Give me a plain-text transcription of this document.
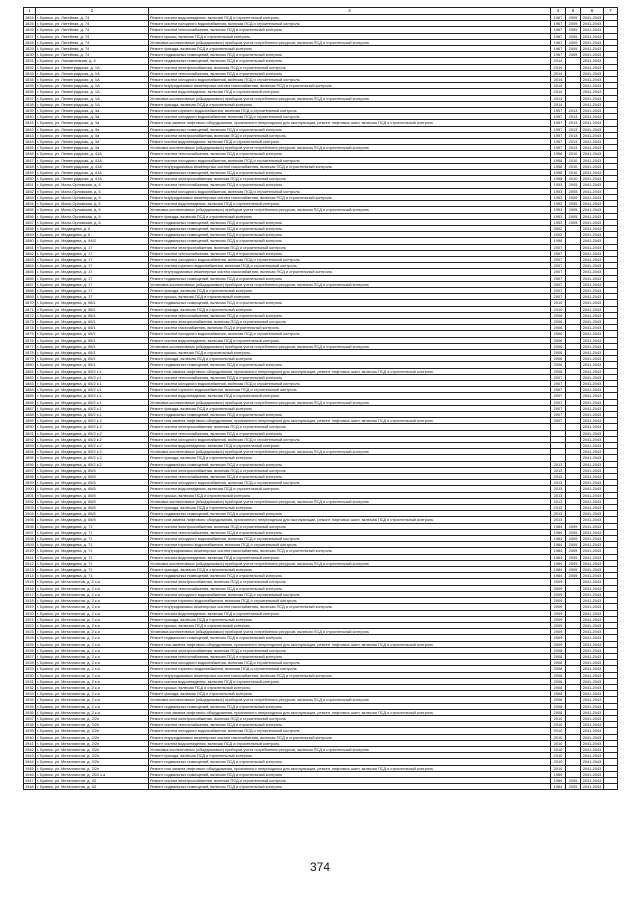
1	2	3	4	5	6	7
1824	г. Брянск, ул. Литейная, д. 74	Ремонт систем водоотведения, включая ПСД и строительный контроль	1967	2009	2041-2043	
1825	г. Брянск, ул. Литейная, д. 74	Ремонт систем холодного водоснабжения, включая ПСД и строительный контроль	1967	2009	2041-2043	
1826	г. Брянск, ул. Литейная, д. 74	Ремонт систем теплоснабжения, включая ПСД и строительный контроль	1967	2009	2041-2043	
1827	г. Брянск, ул. Литейная, д. 74	Ремонт крыши, включая ПСД и строительный контроль	1967	2009	2041-2043	
1828	г. Брянск, ул. Литейная, д. 74	Установка коллективных (общедомовых) приборов учета потребления ресурсов, включая ПСД и строительный контроль	1967	2009	2041-2043	
1829	г. Брянск, ул. Литейная, д. 74	Ремонт фасада, включая ПСД и строительный контроль	1967	2009	2041-2043	
1830	г. Брянск, ул. Литейная, д. 74	Ремонт подвальных помещений, включая ПСД и строительный контроль	1967	2009	2041-2043	
1831	г. Брянск, ул. Локомотивная, д. 5	Ремонт подвальных помещений, включая ПСД и строительный контроль	2014		2041-2043	
1832	г. Брянск, ул. Ленинградская, д. 1А	Ремонт систем электроснабжения, включая ПСД и строительный контроль	2014		2041-2043	
1833	г. Брянск, ул. Ленинградская, д. 1А	Ремонт систем теплоснабжения, включая ПСД и строительный контроль	2014		2041-2043	
1834	г. Брянск, ул. Ленинградская, д. 1А	Ремонт систем холодного водоснабжения, включая ПСД и строительный контроль	2014		2041-2043	
1835	г. Брянск, ул. Ленинградская, д. 1А	Ремонт внутридомовых инженерных систем газоснабжения, включая ПСД и строительный контроль	2014		2041-2043	
1836	г. Брянск, ул. Ленинградская, д. 1А	Ремонт систем водоотведения, включая ПСД и строительный контроль	2014		2041-2043	
1837	г. Брянск, ул. Ленинградская, д. 1А	Установка коллективных (общедомовых) приборов учета потребления ресурсов, включая ПСД и строительный контроль	2014		2041-2043	
1838	г. Брянск, ул. Ленинградская, д. 1А	Ремонт фасада, включая ПСД и строительный контроль	2014		2041-2043	
1839	г. Брянск, ул. Ленинградская, д. 3а	Ремонт систем горячего водоснабжения, включая ПСД и строительный контроль	1957	2013	2041-2043	
1840	г. Брянск, ул. Ленинградская, д. 3а	Ремонт систем холодного водоснабжения, включая ПСД и строительный контроль	1957	2013	2041-2043	
1841	г. Брянск, ул. Ленинградская, д. 3а	Ремонт или замена лифтового оборудования, признанного непригодным для эксплуатации, ремонт лифтовых шахт, включая ПСД и строительный контроль	1957	2013	2041-2043	
1842	г. Брянск, ул. Ленинградская, д. 3а	Ремонт подвальных помещений, включая ПСД и строительный контроль	1957	2013	2041-2043	
1843	г. Брянск, ул. Ленинградская, д. 3а	Ремонт систем электроснабжения, включая ПСД и строительный контроль	1957	2013	2041-2043	
1844	г. Брянск, ул. Ленинградская, д. 3а	Ремонт систем водоотведения, включая ПСД и строительный контроль	1957	2013	2041-2043	
1845	г. Брянск, ул. Ленинградская, д. 3а	Установка коллективных (общедомовых) приборов учета потребления ресурсов, включая ПСД и строительный контроль	1957	2013	2041-2043	
1846	г. Брянск, ул. Ленинградская, д. 41А	Ремонт систем теплоснабжения, включая ПСД и строительный контроль	1958	2010	2041-2043	
1847	г. Брянск, ул. Ленинградская, д. 41А	Ремонт систем холодного водоснабжения, включая ПСД и строительный контроль	1958	2010	2041-2043	
1848	г. Брянск, ул. Ленинградская, д. 41А	Ремонт внутридомовых инженерных систем газоснабжения, включая ПСД и строительный контроль	1958	2010	2041-2043	
1849	г. Брянск, ул. Ленинградская, д. 41А	Ремонт подвальных помещений, включая ПСД и строительный контроль	1958	2010	2041-2043	
1850	г. Брянск, ул. Ленинградская, д. 41А	Ремонт систем электроснабжения, включая ПСД и строительный контроль	1958	2010	2041-2043	
1851	г. Брянск, ул. Мало-Орловская, д. 6	Ремонт систем теплоснабжения, включая ПСД и строительный контроль	1953	2005	2041-2043	
1852	г. Брянск, ул. Мало-Орловская, д. 6	Ремонт систем холодного водоснабжения, включая ПСД и строительный контроль	1953	2005	2041-2043	
1853	г. Брянск, ул. Мало-Орловская, д. 6	Ремонт внутридомовых инженерных систем газоснабжения, включая ПСД и строительный контроль	1953	2005	2041-2043	
1854	г. Брянск, ул. Мало-Орловская, д. 6	Ремонт систем водоотведения, включая ПСД и строительный контроль	1953	2005	2041-2043	
1855	г. Брянск, ул. Мало-Орловская, д. 6	Установка коллективных (общедомовых) приборов учета потребления ресурсов, включая ПСД и строительный контроль	1953	2005	2041-2043	
1856	г. Брянск, ул. Мало-Орловская, д. 6	Ремонт фасада, включая ПСД и строительный контроль	1953	2005	2041-2043	
1857	г. Брянск, ул. Мало-Орловская, д. 6	Ремонт подвальных помещений, включая ПСД и строительный контроль	1953	2005	2041-2043	
1858	г. Брянск, ул. Медведева, д. 6	Ремонт подвальных помещений, включая ПСД и строительный контроль	2002		2041-2043	
1859	г. Брянск, ул. Медведева, д. 6	Ремонт подвальных помещений, включая ПСД и строительный контроль	2002		2041-2043	
1860	г. Брянск, ул. Медведева, д. 9А/2	Ремонт подвальных помещений, включая ПСД и строительный контроль	1998		2041-2043	
1861	г. Брянск, ул. Медведева, д. 17	Ремонт систем электроснабжения, включая ПСД и строительный контроль	2007		2041-2043	
1862	г. Брянск, ул. Медведева, д. 17	Ремонт систем теплоснабжения, включая ПСД и строительный контроль	2007		2041-2043	
1863	г. Брянск, ул. Медведева, д. 17	Ремонт систем холодного водоснабжения, включая ПСД и строительный контроль	2007		2041-2043	
1864	г. Брянск, ул. Медведева, д. 17	Ремонт систем горячего водоснабжения, включая ПСД и строительный контроль	2007		2041-2043	
1865	г. Брянск, ул. Медведева, д. 17	Ремонт внутридомовых инженерных систем газоснабжения, включая ПСД и строительный контроль	2007		2041-2043	
1866	г. Брянск, ул. Медведева, д. 17	Ремонт подвальных помещений, включая ПСД и строительный контроль	2007		2041-2043	
1867	г. Брянск, ул. Медведева, д. 17	Установка коллективных (общедомовых) приборов учета потребления ресурсов, включая ПСД и строительный контроль	2007		2041-2043	
1868	г. Брянск, ул. Медведева, д. 17	Ремонт фасада, включая ПСД и строительный контроль	2007		2041-2043	
1869	г. Брянск, ул. Медведева, д. 17	Ремонт крыши, включая ПСД и строительный контроль	2007		2041-2043	
1870	г. Брянск, ул. Медведева, д. 56/1	Ремонт подвальных помещений, включая ПСД и строительный контроль	2010		2041-2043	
1871	г. Брянск, ул. Медведева, д. 56/1	Ремонт фасада, включая ПСД и строительный контроль	2010		2041-2043	
1872	г. Брянск, ул. Медведева, д. 65/1	Ремонт систем теплоснабжения, включая ПСД и строительный контроль	2006		2041-2043	
1873	г. Брянск, ул. Медведева, д. 65/1	Ремонт систем электроснабжения, включая ПСД и строительный контроль	2006		2041-2043	
1874	г. Брянск, ул. Медведева, д. 65/1	Ремонт систем газоснабжения, включая ПСД и строительный контроль	2006		2041-2043	
1875	г. Брянск, ул. Медведева, д. 65/1	Ремонт систем холодного водоснабжения, включая ПСД и строительный контроль	2006		2041-2043	
1876	г. Брянск, ул. Медведева, д. 65/1	Ремонт систем водоотведения, включая ПСД и строительный контроль	2006		2041-2043	
1877	г. Брянск, ул. Медведева, д. 65/1	Установка коллективных (общедомовых) приборов учета потребления ресурсов, включая ПСД и строительный контроль	2006		2041-2043	
1878	г. Брянск, ул. Медведева, д. 65/1	Ремонт крыши, включая ПСД и строительный контроль	2006		2041-2043	
1879	г. Брянск, ул. Медведева, д. 65/1	Ремонт фасада, включая ПСД и строительный контроль	2006		2041-2043	
1880	г. Брянск, ул. Медведева, д. 65/1	Ремонт подвальных помещений, включая ПСД и строительный контроль	2006		2041-2043	
1881	г. Брянск, ул. Медведева, д. 65/2 к.1	Ремонт или замена лифтового оборудования, признанного непригодным для эксплуатации, ремонт лифтовых шахт, включая ПСД и строительный контроль	2008		2041-2043	
1882	г. Брянск, ул. Медведева, д. 65/2 к.1	Ремонт систем теплоснабжения, включая ПСД и строительный контроль	2007		2041-2043	
1883	г. Брянск, ул. Медведева, д. 65/2 к.1	Ремонт систем холодного водоснабжения, включая ПСД и строительный контроль	2007		2041-2043	
1884	г. Брянск, ул. Медведева, д. 65/2 к.1	Ремонт систем горячего водоснабжения, включая ПСД и строительный контроль	2007		2041-2043	
1885	г. Брянск, ул. Медведева, д. 65/2 к.1	Ремонт систем водоотведения, включая ПСД и строительный контроль	2007		2041-2043	
1886	г. Брянск, ул. Медведева, д. 65/2 к.1	Установка коллективных (общедомовых) приборов учета потребления ресурсов, включая ПСД и строительный контроль	2007		2041-2043	
1887	г. Брянск, ул. Медведева, д. 65/2 к.1	Ремонт фасада, включая ПСД и строительный контроль	2007		2041-2043	
1888	г. Брянск, ул. Медведева, д. 65/2 к.1	Ремонт подвальных помещений, включая ПСД и строительный контроль	2007		2041-2043	
1889	г. Брянск, ул. Медведева, д. 65/2 к.2	Ремонт или замена лифтового оборудования, признанного непригодным для эксплуатации, ремонт лифтовых шахт, включая ПСД и строительный контроль	2007		2041-2043	
1890	г. Брянск, ул. Медведева, д. 65/2 к.2	Ремонт систем электроснабжения, включая ПСД и строительный контроль			2041-2043	
1891	г. Брянск, ул. Медведева, д. 65/2 к.2	Ремонт систем теплоснабжения, включая ПСД и строительный контроль			2041-2043	
1892	г. Брянск, ул. Медведева, д. 65/2 к.2	Ремонт систем холодного водоснабжения, включая ПСД и строительный контроль			2041-2043	
1893	г. Брянск, ул. Медведева, д. 65/2 к.2	Ремонт систем водоотведения, включая ПСД и строительный контроль			2041-2043	
1894	г. Брянск, ул. Медведева, д. 65/2 к.2	Установка коллективных (общедомовых) приборов учета потребления ресурсов, включая ПСД и строительный контроль			2041-2043	
1895	г. Брянск, ул. Медведева, д. 65/2 к.2	Ремонт фасада, включая ПСД и строительный контроль			2041-2043	
1896	г. Брянск, ул. Медведева, д. 65/2 к.2	Ремонт подвальных помещений, включая ПСД и строительный контроль	2013		2041-2043	
1897	г. Брянск, ул. Медведева, д. 65/5	Ремонт систем электроснабжения, включая ПСД и строительный контроль	2013		2041-2043	
1898	г. Брянск, ул. Медведева, д. 65/5	Ремонт систем теплоснабжения, включая ПСД и строительный контроль	2013		2041-2043	
1899	г. Брянск, ул. Медведева, д. 65/5	Ремонт систем холодного водоснабжения, включая ПСД и строительный контроль	2013		2041-2043	
1900	г. Брянск, ул. Медведева, д. 65/5	Ремонт систем водоотведения, включая ПСД и строительный контроль	2013		2041-2043	
1901	г. Брянск, ул. Медведева, д. 65/5	Ремонт крыши, включая ПСД и строительный контроль	2013		2041-2043	
1902	г. Брянск, ул. Медведева, д. 65/5	Установка коллективных (общедомовых) приборов учета потребления ресурсов, включая ПСД и строительный контроль	2013		2041-2043	
1903	г. Брянск, ул. Медведева, д. 65/5	Ремонт фасада, включая ПСД и строительный контроль	2013		2041-2043	
1904	г. Брянск, ул. Медведева, д. 65/5	Ремонт подвальных помещений, включая ПСД и строительный контроль	2013		2041-2043	
1905	г. Брянск, ул. Медведева, д. 65/5	Ремонт или замена лифтового оборудования, признанного непригодным для эксплуатации, ремонт лифтовых шахт, включая ПСД и строительный контроль	2013		2041-2043	
1906	г. Брянск, ул. Медведева, д. 71	Ремонт систем электроснабжения, включая ПСД и строительный контроль	1984	2009	2041-2043	
1907	г. Брянск, ул. Медведева, д. 71	Ремонт систем теплоснабжения, включая ПСД и строительный контроль	1984	2009	2041-2043	
1908	г. Брянск, ул. Медведева, д. 71	Ремонт систем холодного водоснабжения, включая ПСД и строительный контроль	1984	2009	2041-2043	
1909	г. Брянск, ул. Медведева, д. 71	Ремонт систем горячего водоснабжения, включая ПСД и строительный контроль	1984	2009	2041-2043	
1910	г. Брянск, ул. Медведева, д. 71	Ремонт внутридомовых инженерных систем газоснабжения, включая ПСД и строительный контроль	1984	2009	2041-2043	
1911	г. Брянск, ул. Медведева, д. 71	Ремонт систем водоотведения, включая ПСД и строительный контроль	1984	2009	2041-2043	
1912	г. Брянск, ул. Медведева, д. 71	Установка коллективных (общедомовых) приборов учета потребления ресурсов, включая ПСД и строительный контроль	1984	2009	2041-2043	
1913	г. Брянск, ул. Медведева, д. 71	Ремонт фасада, включая ПСД и строительный контроль	1984	2009	2041-2043	
1914	г. Брянск, ул. Медведева, д. 71	Ремонт подвальных помещений, включая ПСД и строительный контроль	1984	2009	2041-2043	
1915	г. Брянск, ул. Металлистов, д. 2 к.а	Ремонт систем электроснабжения, включая ПСД и строительный контроль	2009		2041-2043	
1916	г. Брянск, ул. Металлистов, д. 2 к.а	Ремонт систем теплоснабжения, включая ПСД и строительный контроль	2009		2041-2043	
1917	г. Брянск, ул. Металлистов, д. 2 к.а	Ремонт систем холодного водоснабжения, включая ПСД и строительный контроль	2009		2041-2043	
1918	г. Брянск, ул. Металлистов, д. 2 к.а	Ремонт систем горячего водоснабжения, включая ПСД и строительный контроль	2009		2041-2043	
1919	г. Брянск, ул. Металлистов, д. 2 к.а	Ремонт внутридомовых инженерных систем газоснабжения, включая ПСД и строительный контроль	2009		2041-2043	
1920	г. Брянск, ул. Металлистов, д. 2 к.а	Ремонт систем водоотведения, включая ПСД и строительный контроль	2009		2041-2043	
1921	г. Брянск, ул. Металлистов, д. 2 к.а	Ремонт фасада, включая ПСД и строительный контроль	2009		2041-2043	
1922	г. Брянск, ул. Металлистов, д. 2 к.а	Ремонт крыши, включая ПСД и строительный контроль	2009		2041-2043	
1923	г. Брянск, ул. Металлистов, д. 2 к.а	Установка коллективных (общедомовых) приборов учета потребления ресурсов, включая ПСД и строительный контроль	2009		2041-2043	
1924	г. Брянск, ул. Металлистов, д. 2 к.а	Ремонт подвальных помещений, включая ПСД и строительный контроль	2009		2041-2043	
1925	г. Брянск, ул. Металлистов, д. 2 к.а	Ремонт или замена лифтового оборудования, признанного непригодным для эксплуатации, ремонт лифтовых шахт, включая ПСД и строительный контроль	2009		2041-2043	
1926	г. Брянск, ул. Металлистов, д. 2 к.а	Ремонт систем электроснабжения, включая ПСД и строительный контроль	2008		2041-2043	
1927	г. Брянск, ул. Металлистов, д. 2 к.а	Ремонт систем теплоснабжения, включая ПСД и строительный контроль	2008		2041-2043	
1928	г. Брянск, ул. Металлистов, д. 2 к.а	Ремонт систем холодного водоснабжения, включая ПСД и строительный контроль	2008		2041-2043	
1929	г. Брянск, ул. Металлистов, д. 2 к.а	Ремонт систем горячего водоснабжения, включая ПСД и строительный контроль	2008		2041-2043	
1930	г. Брянск, ул. Металлистов, д. 2 к.а	Ремонт внутридомовых инженерных систем газоснабжения, включая ПСД и строительный контроль	2008		2041-2043	
1931	г. Брянск, ул. Металлистов, д. 2 к.а	Ремонт систем водоотведения, включая ПСД и строительный контроль	2008		2041-2043	
1932	г. Брянск, ул. Металлистов, д. 2 к.а	Ремонт крыши, включая ПСД и строительный контроль	2008		2041-2043	
1933	г. Брянск, ул. Металлистов, д. 2 к.а	Ремонт фасада, включая ПСД и строительный контроль	2008		2041-2043	
1934	г. Брянск, ул. Металлистов, д. 2 к.а	Установка коллективных (общедомовых) приборов учета потребления ресурсов, включая ПСД и строительный контроль	2008		2041-2043	
1935	г. Брянск, ул. Металлистов, д. 2 к.а	Ремонт подвальных помещений, включая ПСД и строительный контроль	2008		2041-2043	
1936	г. Брянск, ул. Металлистов, д. 2 к.а	Ремонт или замена лифтового оборудования, признанного непригодным для эксплуатации, ремонт лифтовых шахт, включая ПСД и строительный контроль	2008		2041-2043	
1937	г. Брянск, ул. Металлистов, д. 2/2н	Ремонт систем электроснабжения, включая ПСД и строительный контроль	2010		2041-2043	
1938	г. Брянск, ул. Металлистов, д. 2/2н	Ремонт систем теплоснабжения, включая ПСД и строительный контроль	2010		2041-2043	
1939	г. Брянск, ул. Металлистов, д. 2/2н	Ремонт систем холодного водоснабжения, включая ПСД и строительный контроль	2010		2041-2043	
1940	г. Брянск, ул. Металлистов, д. 2/2н	Ремонт внутридомовых инженерных систем газоснабжения, включая ПСД и строительный контроль	2010		2041-2043	
1941	г. Брянск, ул. Металлистов, д. 2/2н	Ремонт систем водоотведения, включая ПСД и строительный контроль	2010		2041-2043	
1942	г. Брянск, ул. Металлистов, д. 2/2н	Установка коллективных (общедомовых) приборов учета потребления ресурсов, включая ПСД и строительный контроль	2010		2041-2043	
1943	г. Брянск, ул. Металлистов, д. 2/2н	Ремонт фасада, включая ПСД и строительный контроль	2010		2041-2043	
1944	г. Брянск, ул. Металлистов, д. 2/2н	Ремонт подвальных помещений, включая ПСД и строительный контроль	2010		2041-2043	
1945	г. Брянск, ул. Металлистов, д. 2/2н	Ремонт или замена лифтового оборудования, признанного непригодным для эксплуатации, ремонт лифтовых шахт, включая ПСД и строительный контроль	2010		2041-2043	
1946	г. Брянск, ул. Металлистов, д. 20/2 к.а	Ремонт подвальных помещений, включая ПСД и строительный контроль	1989		2041-2043	
1947	г. Брянск, ул. Металлистов, д. 43	Ремонт систем электроснабжения, включая ПСД и строительный контроль	1984	2009	2041-2043	
1948	г. Брянск, ул. Металлистов, д. 43	Ремонт подвальных помещений, включая ПСД и строительный контроль	1984	2009	2041-2043	
374
